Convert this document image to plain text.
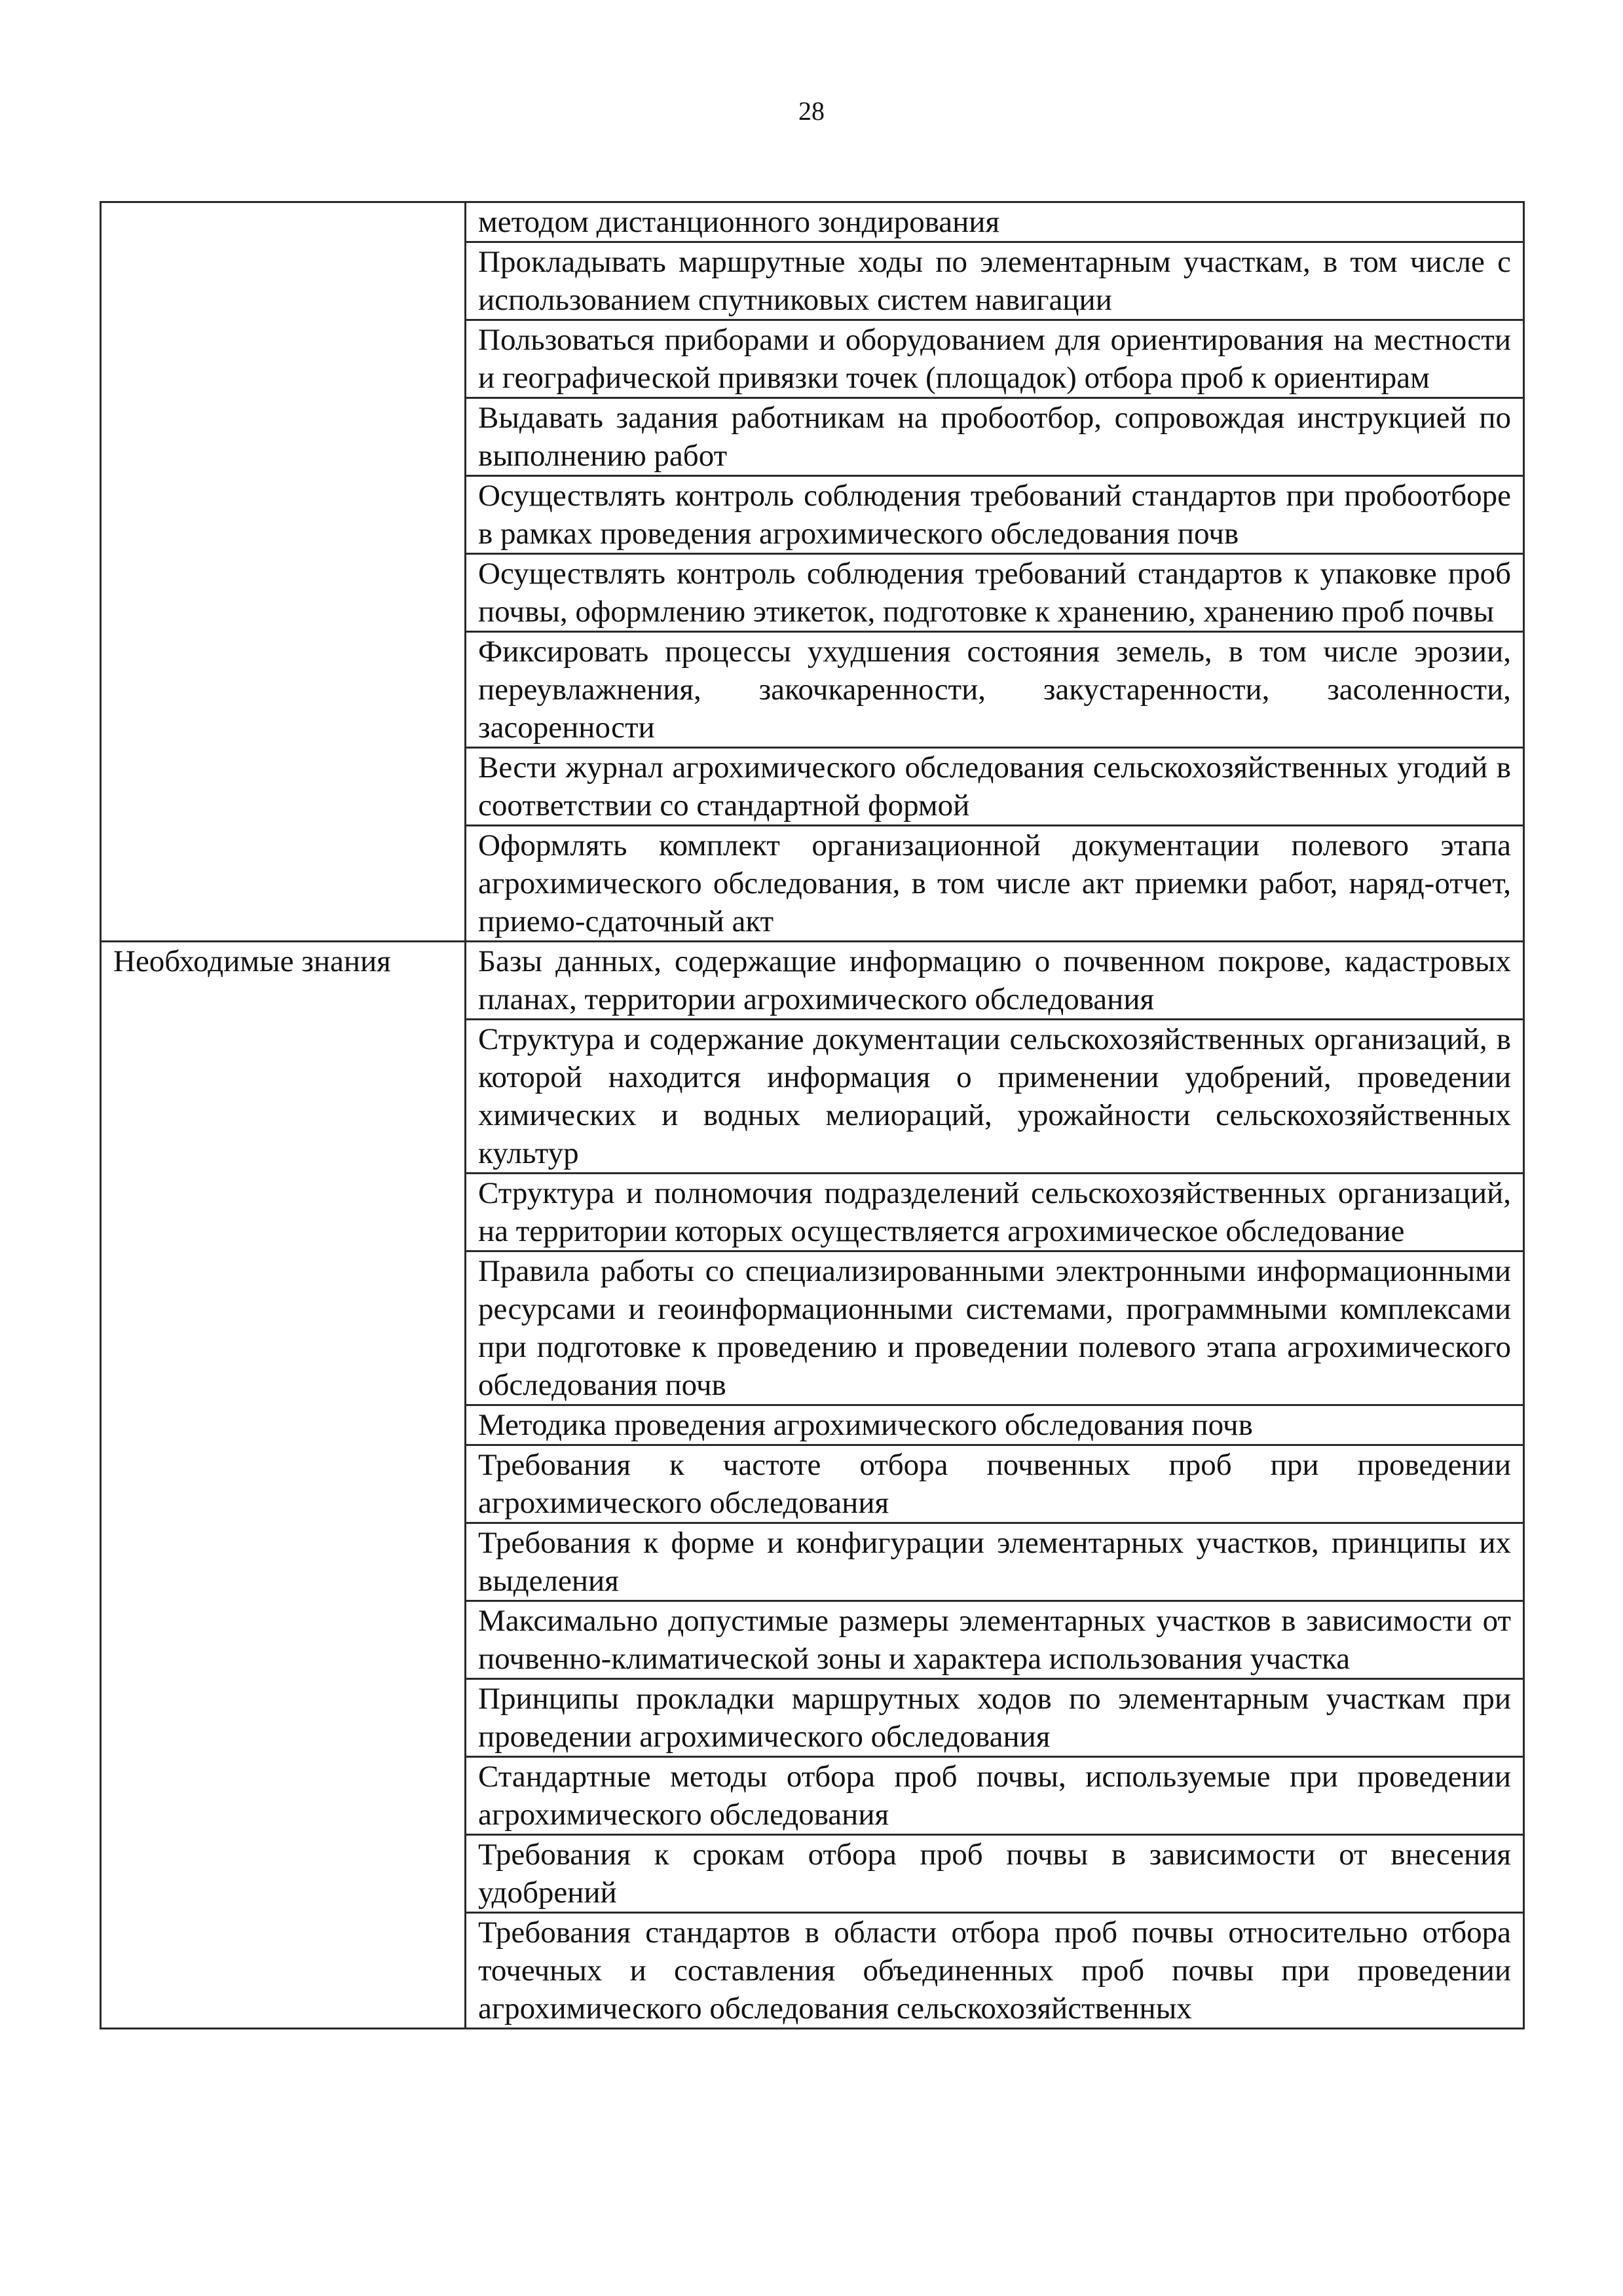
28
	методом дистанционного зондирования
	Прокладывать маршрутные ходы по элементарным участкам, в том числе с использованием спутниковых систем навигации
	Пользоваться приборами и оборудованием для ориентирования на местности и географической привязки точек (площадок) отбора проб к ориентирам
	Выдавать задания работникам на пробоотбор, сопровождая инструкцией по выполнению работ
	Осуществлять контроль соблюдения требований стандартов при пробоотборе в рамках проведения агрохимического обследования почв
	Осуществлять контроль соблюдения требований стандартов к упаковке проб почвы, оформлению этикеток, подготовке к хранению, хранению проб почвы
	Фиксировать процессы ухудшения состояния земель, в том числе эрозии, переувлажнения, закочкаренности, закустаренности, засоленности, засоренности
	Вести журнал агрохимического обследования сельскохозяйственных угодий в соответствии со стандартной формой
	Оформлять комплект организационной документации полевого этапа агрохимического обследования, в том числе акт приемки работ, наряд-отчет, приемо-сдаточный акт
Необходимые знания	Базы данных, содержащие информацию о почвенном покрове, кадастровых планах, территории агрохимического обследования
	Структура и содержание документации сельскохозяйственных организаций, в которой находится информация о применении удобрений, проведении химических и водных мелиораций, урожайности сельскохозяйственных культур
	Структура и полномочия подразделений сельскохозяйственных организаций, на территории которых осуществляется агрохимическое обследование
	Правила работы со специализированными электронными информационными ресурсами и геоинформационными системами, программными комплексами при подготовке к проведению и проведении полевого этапа агрохимического обследования почв
	Методика проведения агрохимического обследования почв
	Требования к частоте отбора почвенных проб при проведении агрохимического обследования
	Требования к форме и конфигурации элементарных участков, принципы их выделения
	Максимально допустимые размеры элементарных участков в зависимости от почвенно-климатической зоны и характера использования участка
	Принципы прокладки маршрутных ходов по элементарным участкам при проведении агрохимического обследования
	Стандартные методы отбора проб почвы, используемые при проведении агрохимического обследования
	Требования к срокам отбора проб почвы в зависимости от внесения удобрений
	Требования стандартов в области отбора проб почвы относительно отбора точечных и составления объединенных проб почвы при проведении агрохимического обследования сельскохозяйственных
